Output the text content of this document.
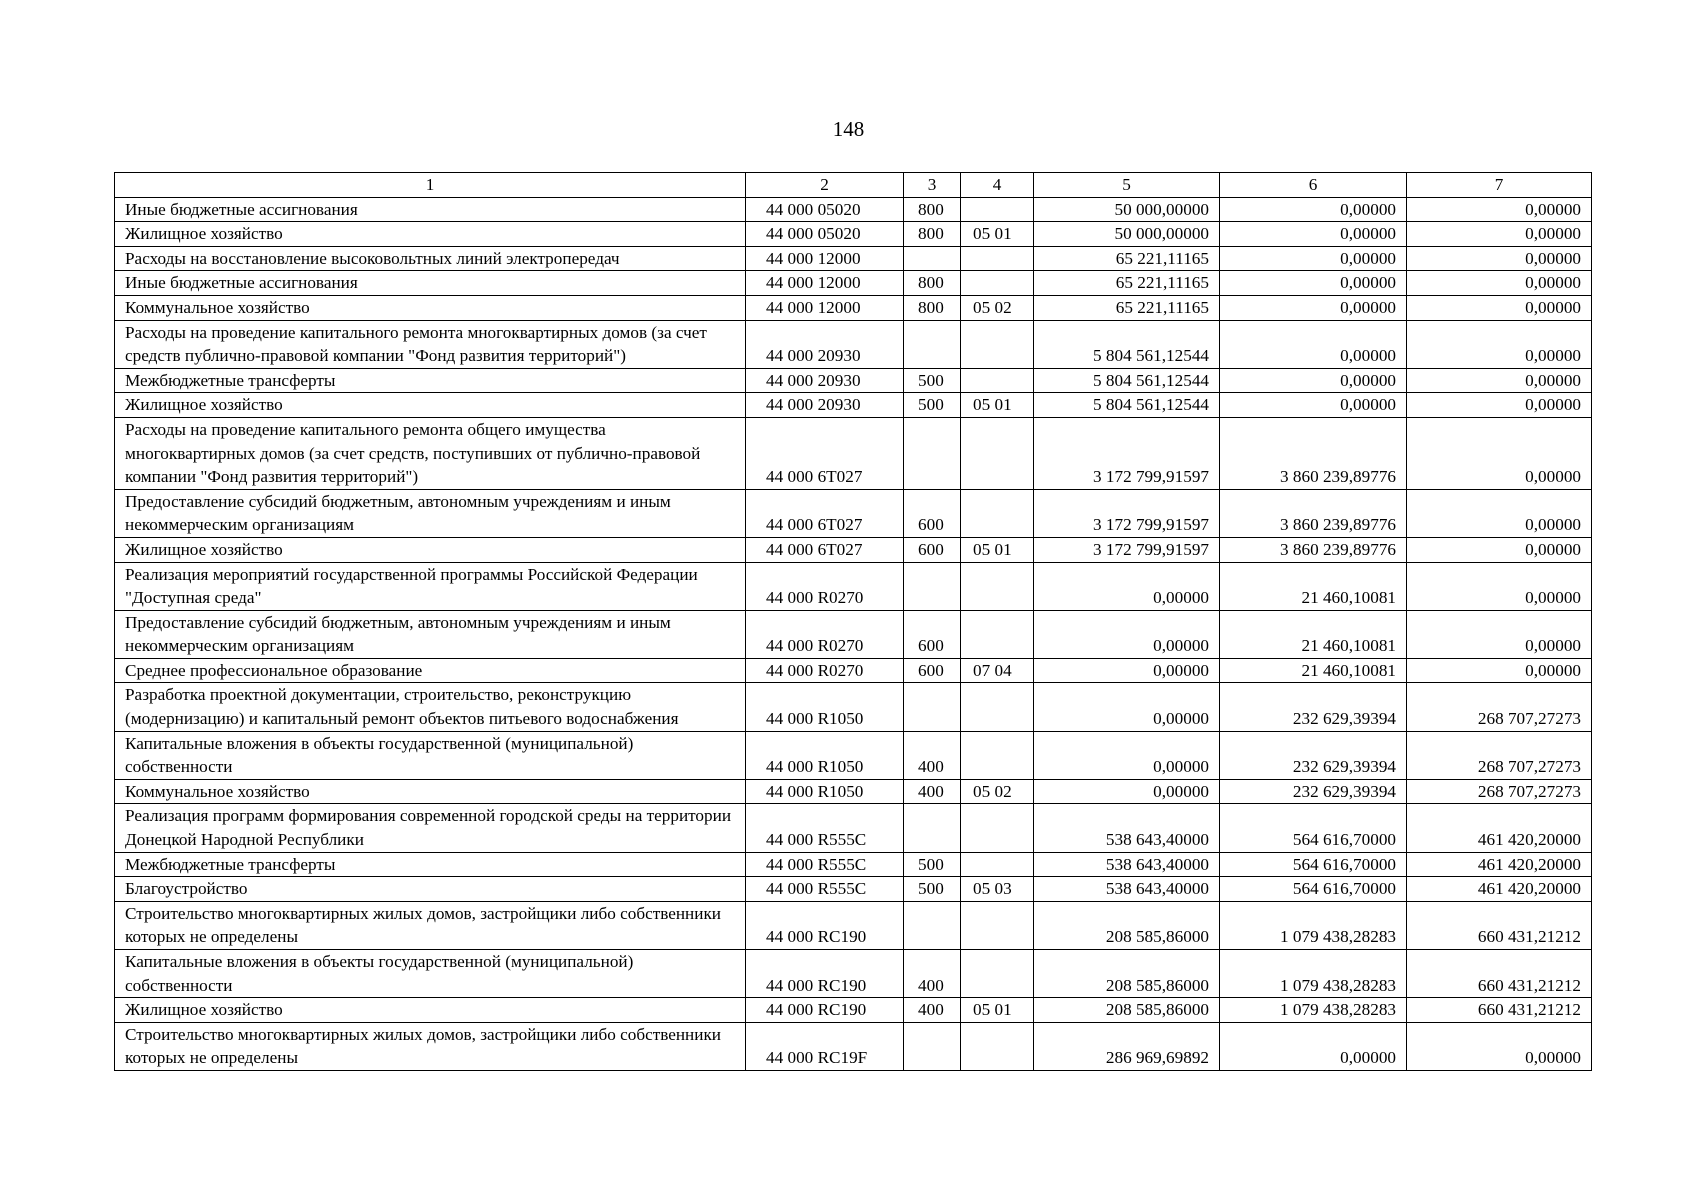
148
1	2	3	4	5	6	7
Иные бюджетные ассигнования	44 000 05020	800		50 000,00000	0,00000	0,00000
Жилищное хозяйство	44 000 05020	800	05 01	50 000,00000	0,00000	0,00000
Расходы на восстановление высоковольтных линий электропередач	44 000 12000			65 221,11165	0,00000	0,00000
Иные бюджетные ассигнования	44 000 12000	800		65 221,11165	0,00000	0,00000
Коммунальное хозяйство	44 000 12000	800	05 02	65 221,11165	0,00000	0,00000
Расходы на проведение капитального ремонта многоквартирных домов (за счет средств публично-правовой компании "Фонд развития территорий")	44 000 20930			5 804 561,12544	0,00000	0,00000
Межбюджетные трансферты	44 000 20930	500		5 804 561,12544	0,00000	0,00000
Жилищное хозяйство	44 000 20930	500	05 01	5 804 561,12544	0,00000	0,00000
Расходы на проведение капитального ремонта общего имущества многоквартирных домов (за счет средств, поступивших от публично-правовой компании "Фонд развития территорий")	44 000 6Т027			3 172 799,91597	3 860 239,89776	0,00000
Предоставление субсидий бюджетным, автономным учреждениям и иным некоммерческим организациям	44 000 6Т027	600		3 172 799,91597	3 860 239,89776	0,00000
Жилищное хозяйство	44 000 6Т027	600	05 01	3 172 799,91597	3 860 239,89776	0,00000
Реализация мероприятий государственной программы Российской Федерации "Доступная среда"	44 000 R0270			0,00000	21 460,10081	0,00000
Предоставление субсидий бюджетным, автономным учреждениям и иным некоммерческим организациям	44 000 R0270	600		0,00000	21 460,10081	0,00000
Среднее профессиональное образование	44 000 R0270	600	07 04	0,00000	21 460,10081	0,00000
Разработка проектной документации, строительство, реконструкцию (модернизацию) и капитальный ремонт объектов питьевого водоснабжения	44 000 R1050			0,00000	232 629,39394	268 707,27273
Капитальные вложения в объекты государственной (муниципальной) собственности	44 000 R1050	400		0,00000	232 629,39394	268 707,27273
Коммунальное хозяйство	44 000 R1050	400	05 02	0,00000	232 629,39394	268 707,27273
Реализация программ формирования современной городской среды на территории Донецкой Народной Республики	44 000 R555С			538 643,40000	564 616,70000	461 420,20000
Межбюджетные трансферты	44 000 R555С	500		538 643,40000	564 616,70000	461 420,20000
Благоустройство	44 000 R555С	500	05 03	538 643,40000	564 616,70000	461 420,20000
Строительство многоквартирных жилых домов, застройщики либо собственники которых не определены	44 000 RС190			208 585,86000	1 079 438,28283	660 431,21212
Капитальные вложения в объекты государственной (муниципальной) собственности	44 000 RС190	400		208 585,86000	1 079 438,28283	660 431,21212
Жилищное хозяйство	44 000 RС190	400	05 01	208 585,86000	1 079 438,28283	660 431,21212
Строительство многоквартирных жилых домов, застройщики либо собственники которых не определены	44 000 RС19F			286 969,69892	0,00000	0,00000
